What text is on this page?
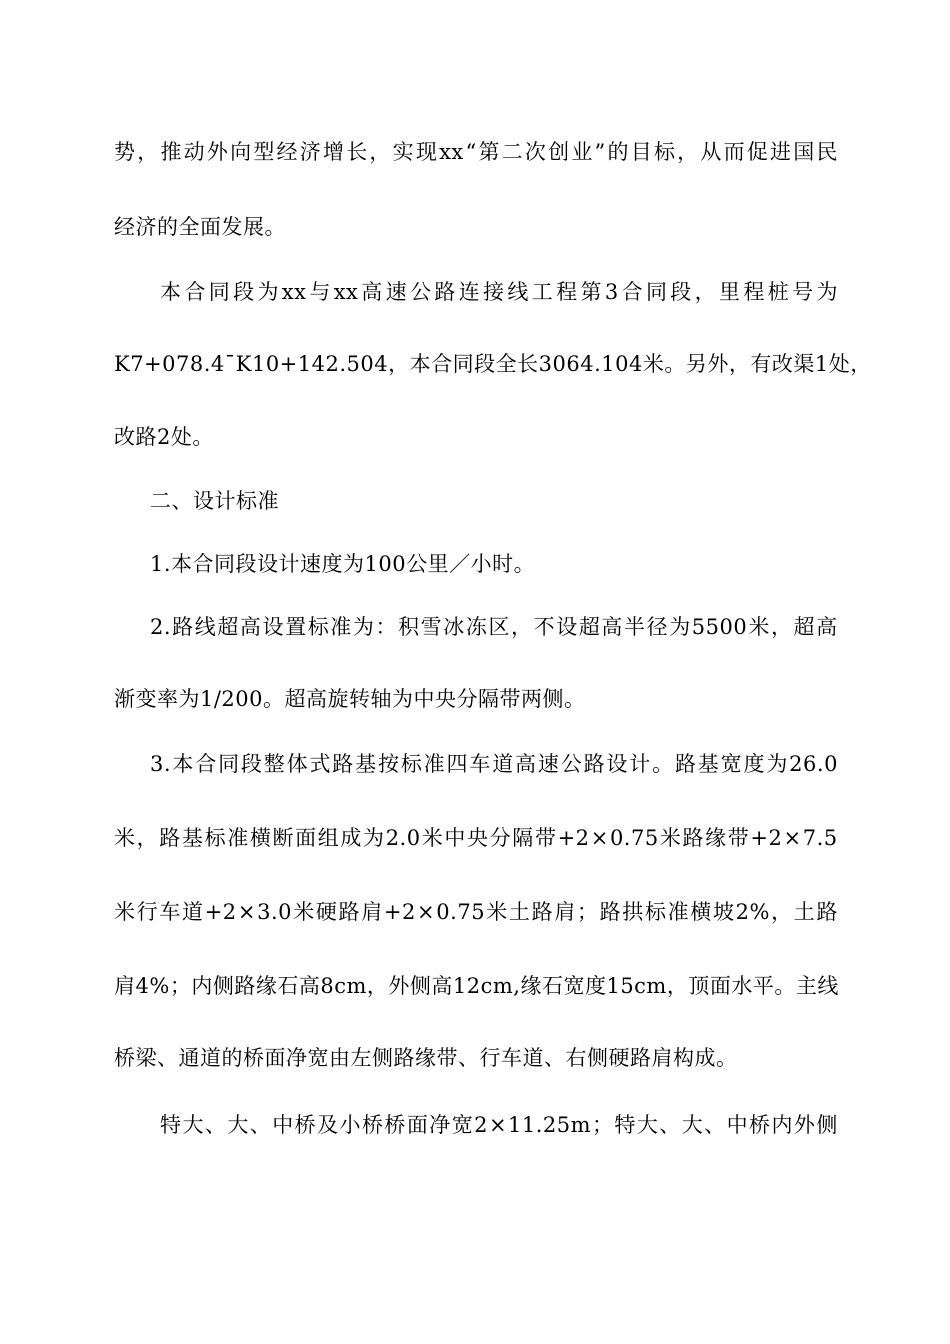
势 ， 推 动 外 向 型 经 济 增 长 ， 实 现 xx “ 第 二 次 创 业 ” 的 目 标 ， 从 而 促 进 国 民
经济的全面发展。
本 合 同 段 为 xx 与 xx 高 速 公 路 连 接 线 工 程 第 3 合 同 段 ， 里 程 桩 号 为
K7+078.4¯K10+142.504 ， 本 合 同 段 全 长 3064.104 米 。 另 外 ， 有 改 渠 1 处 ，
改路2处。
二、设计标准
1.本合同段设计速度为100公里／小时。
2. 路 线 超 高 设 置 标 准 为 ： 积 雪 冰 冻 区 ， 不 设 超 高 半 径 为 5500 米 ， 超 高
渐变率为1/200。超高旋转轴为中央分隔带两侧。
3. 本 合 同 段 整 体 式 路 基 按 标 准 四 车 道 高 速 公 路 设 计 。 路 基 宽 度 为 26.0
米 ， 路 基 标 准 横 断 面 组 成 为 2.0 米 中 央 分 隔 带 +2 × 0.75 米 路 缘 带 +2 × 7.5
米 行 车 道 +2 × 3.0 米 硬 路 肩 +2 × 0.75 米 土 路 肩 ； 路 拱 标 准 横 坡 2% ， 土 路
肩 4% ； 内 侧 路 缘 石 高 8cm ， 外 侧 高 12cm, 缘 石 宽 度 15cm ， 顶 面 水 平 。 主 线
桥梁、通道的桥面净宽由左侧路缘带、行车道、右侧硬路肩构成。
特 大 、 大 、 中 桥 及 小 桥 桥 面 净 宽 2 × 11.25m ； 特 大 、 大 、 中 桥 内 外 侧
